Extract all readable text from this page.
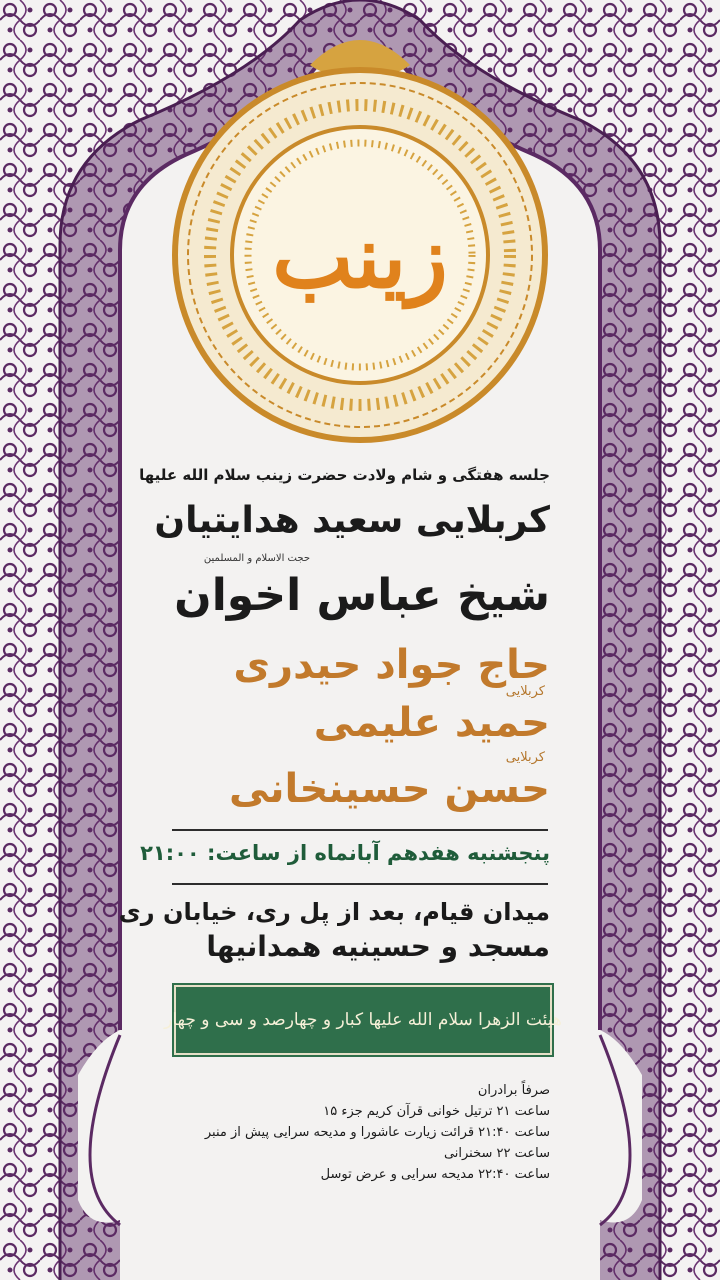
زينب
جلسه هفتگی و شام ولادت حضرت زینب سلام الله علیها
کربلایی سعید هدایتیان
حجت الاسلام و المسلمین
شیخ عباس اخوان
حاج جواد حیدری
کربلایی
حمید علیمی
کربلایی
حسن حسینخانی
پنجشنبه هفدهم آبانماه از ساعت: ۲۱:۰۰
میدان قیام، بعد از پل ری، خیابان ری
مسجد و حسینیه همدانیها
هیئت الزهرا سلام الله علیها کبار و چهارصد و سی و چهار
صرفاً برادران
ساعت ۲۱ ترتیل خوانی قرآن کریم جزء ۱۵
ساعت ۲۱:۴۰ قرائت زیارت عاشورا و مدیحه سرایی پیش از منبر
ساعت ۲۲ سخنرانی
ساعت ۲۲:۴۰ مدیحه سرایی و عرض توسل
